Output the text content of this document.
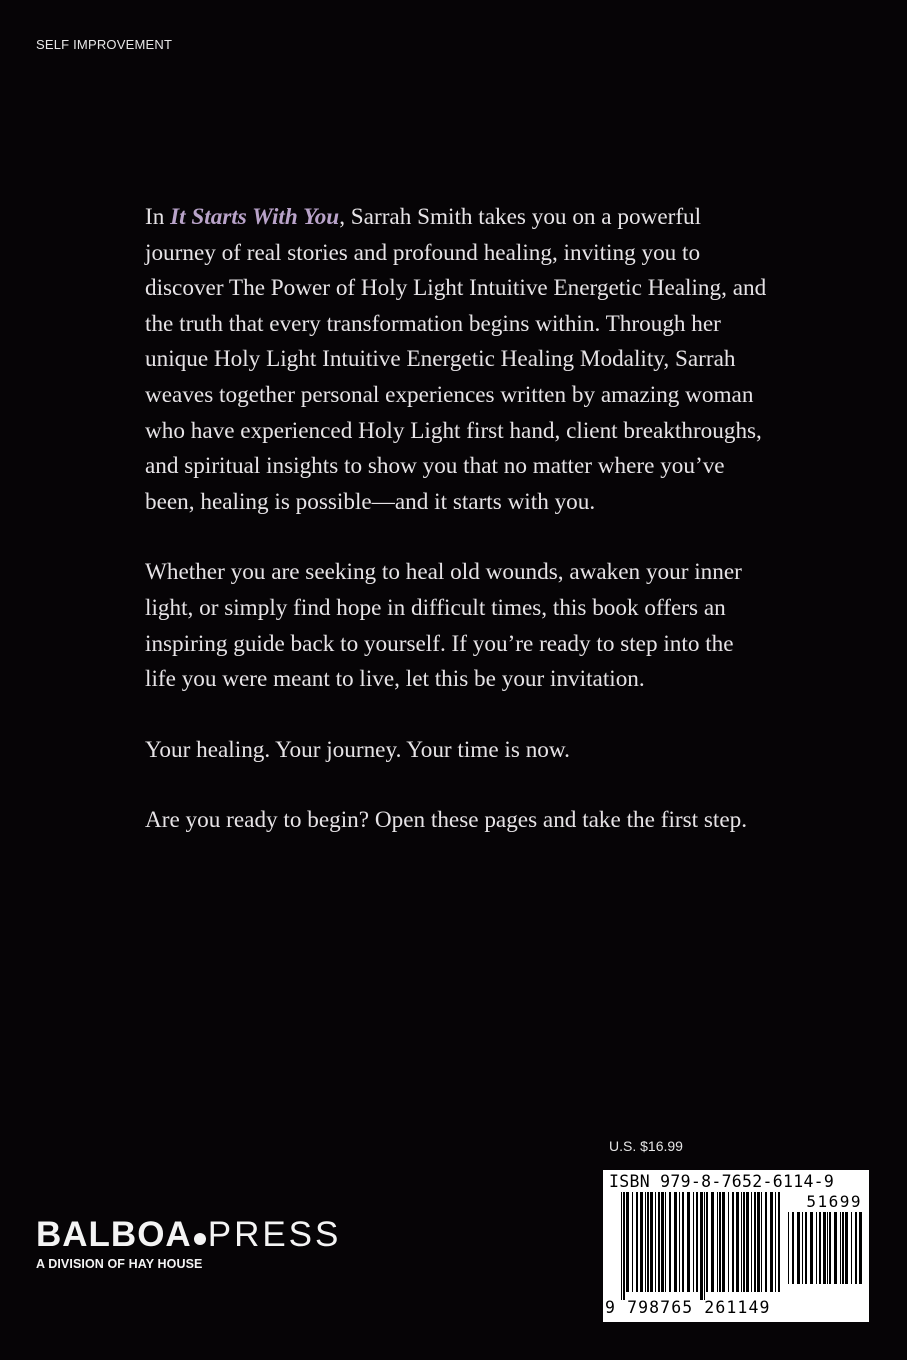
SELF IMPROVEMENT

In It Starts With You, Sarrah Smith takes you on a powerful journey of real stories and profound healing, inviting you to discover The Power of Holy Light Intuitive Energetic Healing, and the truth that every transformation begins within. Through her unique Holy Light Intuitive Energetic Healing Modality, Sarrah weaves together personal experiences written by amazing woman who have experienced Holy Light first hand, client breakthroughs, and spiritual insights to show you that no matter where you’ve been, healing is possible—and it starts with you.

Whether you are seeking to heal old wounds, awaken your inner light, or simply find hope in difficult times, this book offers an inspiring guide back to yourself. If you’re ready to step into the life you were meant to live, let this be your invitation.

Your healing. Your journey. Your time is now.

Are you ready to begin? Open these pages and take the first step.

U.S. $16.99
ISBN 979-8-7652-6114-9
51699
9 798765 261149
BALBOA PRESS
A DIVISION OF HAY HOUSE
